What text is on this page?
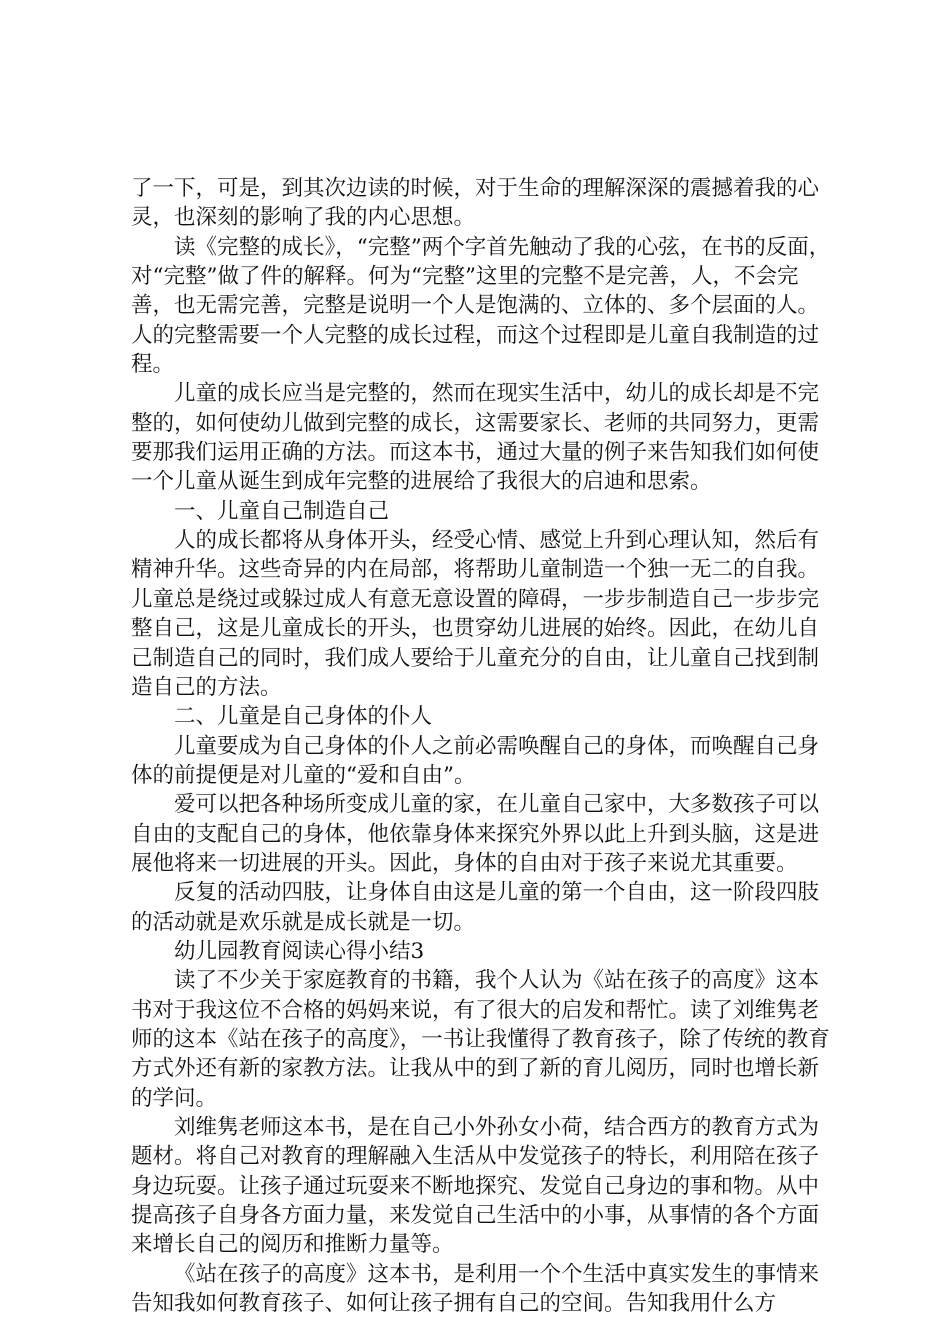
了一下，可是，到其次边读的时候，对于生命的理解深深的震撼着我的心灵，也深刻的影响了我的内心思想。

读《完整的成长》，“完整”两个字首先触动了我的心弦，在书的反面，对“完整”做了件的解释。何为“完整”这里的完整不是完善，人，不会完善，也无需完善，完整是说明一个人是饱满的、立体的、多个层面的人。人的完整需要一个人完整的成长过程，而这个过程即是儿童自我制造的过程。

儿童的成长应当是完整的，然而在现实生活中，幼儿的成长却是不完整的，如何使幼儿做到完整的成长，这需要家长、老师的共同努力，更需要那我们运用正确的方法。而这本书，通过大量的例子来告知我们如何使一个儿童从诞生到成年完整的进展给了我很大的启迪和思索。

一、儿童自己制造自己

人的成长都将从身体开头，经受心情、感觉上升到心理认知，然后有精神升华。这些奇异的内在局部，将帮助儿童制造一个独一无二的自我。儿童总是绕过或躲过成人有意无意设置的障碍，一步步制造自己一步步完整自己，这是儿童成长的开头，也贯穿幼儿进展的始终。因此，在幼儿自己制造自己的同时，我们成人要给于儿童充分的自由，让儿童自己找到制造自己的方法。

二、儿童是自己身体的仆人

儿童要成为自己身体的仆人之前必需唤醒自己的身体，而唤醒自己身体的前提便是对儿童的“爱和自由”。

爱可以把各种场所变成儿童的家，在儿童自己家中，大多数孩子可以自由的支配自己的身体，他依靠身体来探究外界以此上升到头脑，这是进展他将来一切进展的开头。因此，身体的自由对于孩子来说尤其重要。

反复的活动四肢，让身体自由这是儿童的第一个自由，这一阶段四肢的活动就是欢乐就是成长就是一切。

幼儿园教育阅读心得小结3

读了不少关于家庭教育的书籍，我个人认为《站在孩子的高度》这本书对于我这位不合格的妈妈来说，有了很大的启发和帮忙。读了刘维隽老师的这本《站在孩子的高度》，一书让我懂得了教育孩子，除了传统的教育方式外还有新的家教方法。让我从中的到了新的育儿阅历，同时也增长新的学问。

刘维隽老师这本书，是在自己小外孙女小荷，结合西方的教育方式为题材。将自己对教育的理解融入生活从中发觉孩子的特长，利用陪在孩子身边玩耍。让孩子通过玩耍来不断地探究、发觉自己身边的事和物。从中提高孩子自身各方面力量，来发觉自己生活中的小事，从事情的各个方面来增长自己的阅历和推断力量等。

《站在孩子的高度》这本书，是利用一个个生活中真实发生的事情来告知我如何教育孩子、如何让孩子拥有自己的空间。告知我用什么方
